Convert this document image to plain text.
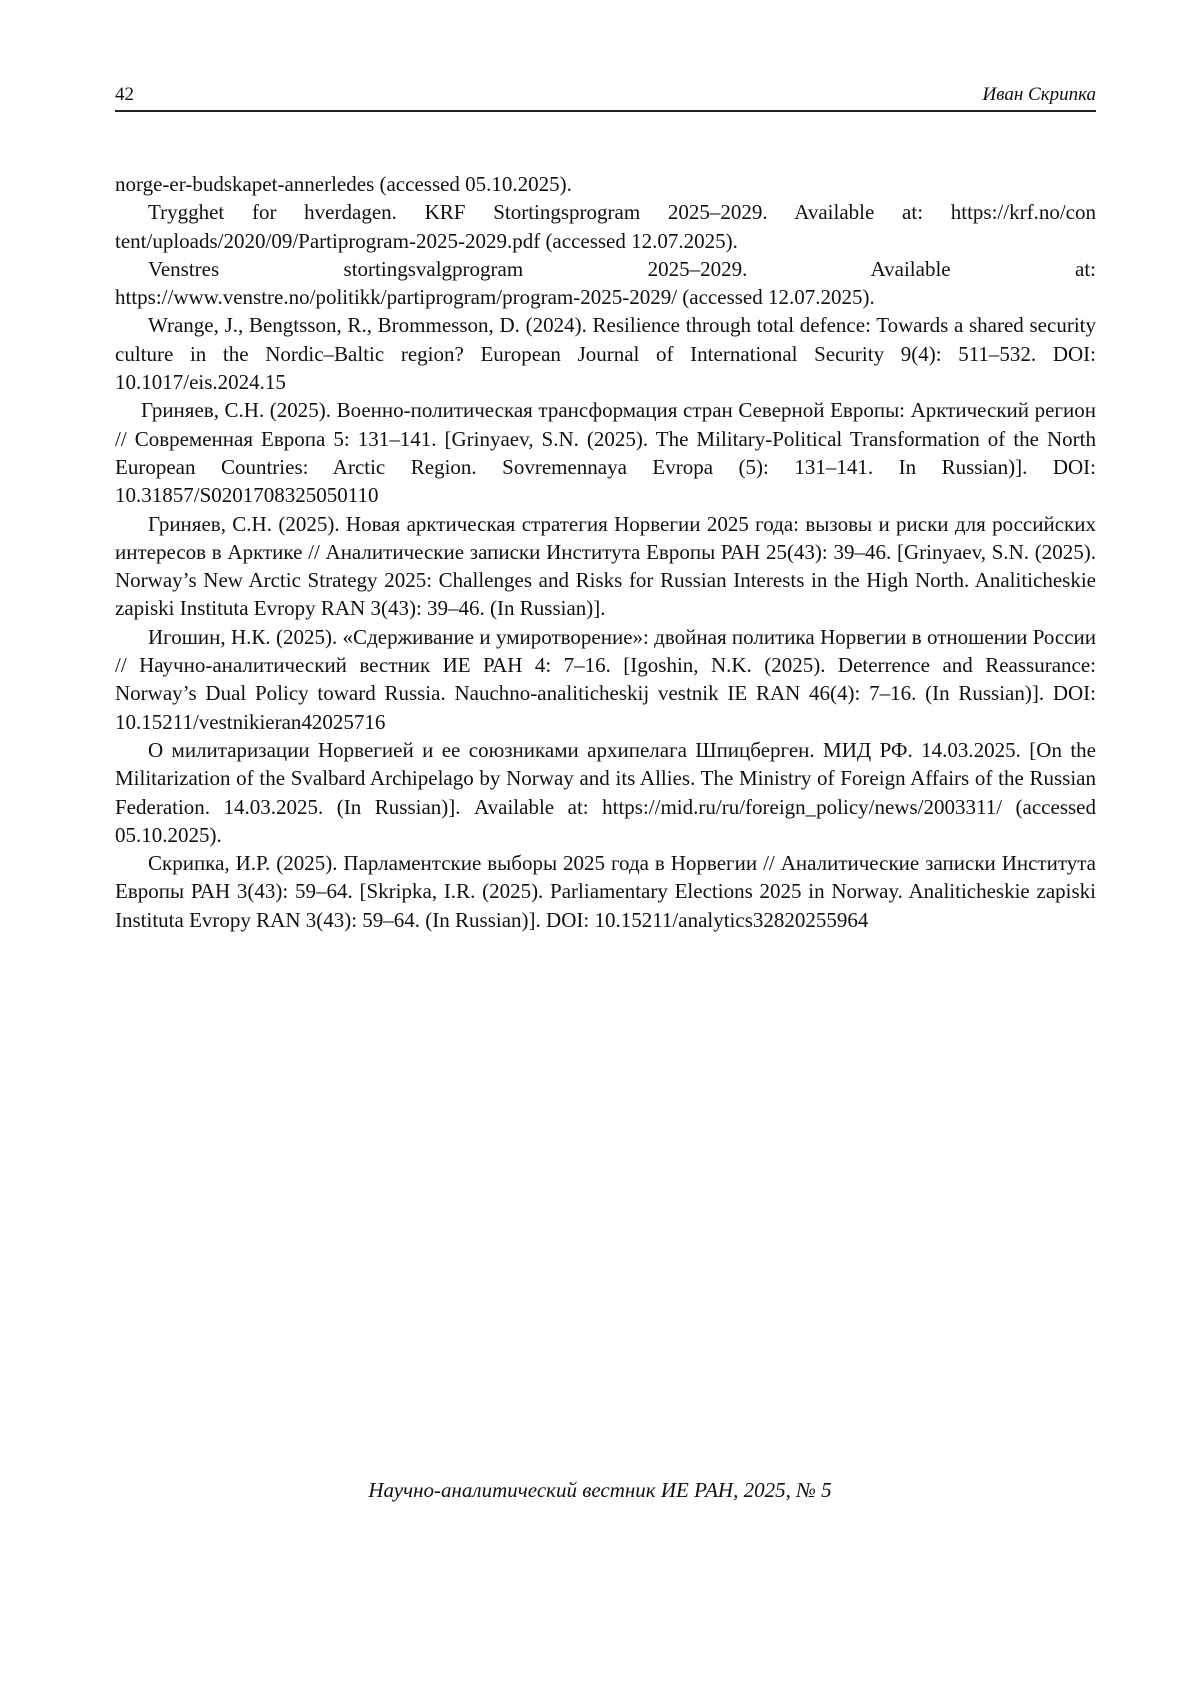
42	Иван Скрипка

norge-er-budskapet-annerledes (accessed 05.10.2025).

Trygghet for hverdagen. KRF Stortingsprogram 2025–2029. Available at: https://krf.no/con tent/uploads/2020/09/Partiprogram-2025-2029.pdf (accessed 12.07.2025).

Venstres stortingsvalgprogram 2025–2029. Available at:

https://www.venstre.no/politikk/partiprogram/program-2025-2029/ (accessed 12.07.2025).

Wrange, J., Bengtsson, R., Brommesson, D. (2024). Resilience through total defence: Towards a shared security culture in the Nordic–Baltic region? European Journal of International Security 9(4): 511–532. DOI: 10.1017/eis.2024.15

Гриняев, С.Н. (2025). Военно-политическая трансформация стран Северной Европы: Арктический регион // Современная Европа 5: 131–141. [Grinyaev, S.N. (2025). The Military-Political Transformation of the North European Countries: Arctic Region. Sovremennaya Evropa (5): 131–141. In Russian)]. DOI: 10.31857/S0201708325050110

Гриняев, С.Н. (2025). Новая арктическая стратегия Норвегии 2025 года: вызовы и риски для российских интересов в Арктике // Аналитические записки Института Европы РАН 25(43): 39–46. [Grinyaev, S.N. (2025). Norway’s New Arctic Strategy 2025: Challenges and Risks for Russian Interests in the High North. Analiticheskie zapiski Instituta Evropy RAN 3(43): 39–46. (In Russian)].

Игошин, Н.К. (2025). «Сдерживание и умиротворение»: двойная политика Норвегии в отношении России // Научно-аналитический вестник ИЕ РАН 4: 7–16. [Igoshin, N.K. (2025). Deterrence and Reassurance: Norway’s Dual Policy toward Russia. Nauchno-analiticheskij vestnik IE RAN 46(4): 7–16. (In Russian)]. DOI: 10.15211/vestnikieran42025716

О милитаризации Норвегией и ее союзниками архипелага Шпицберген. МИД РФ. 14.03.2025. [On the Militarization of the Svalbard Archipelago by Norway and its Allies. The Ministry of Foreign Affairs of the Russian Federation. 14.03.2025. (In Russian)]. Available at: https://mid.ru/ru/foreign_policy/news/2003311/ (accessed 05.10.2025).

Скрипка, И.Р. (2025). Парламентские выборы 2025 года в Норвегии // Аналитические записки Института Европы РАН 3(43): 59–64. [Skripka, I.R. (2025). Parliamentary Elections 2025 in Norway. Analiticheskie zapiski Instituta Evropy RAN 3(43): 59–64. (In Russian)]. DOI: 10.15211/analytics32820255964

Научно-аналитический вестник ИЕ РАН, 2025, № 5
